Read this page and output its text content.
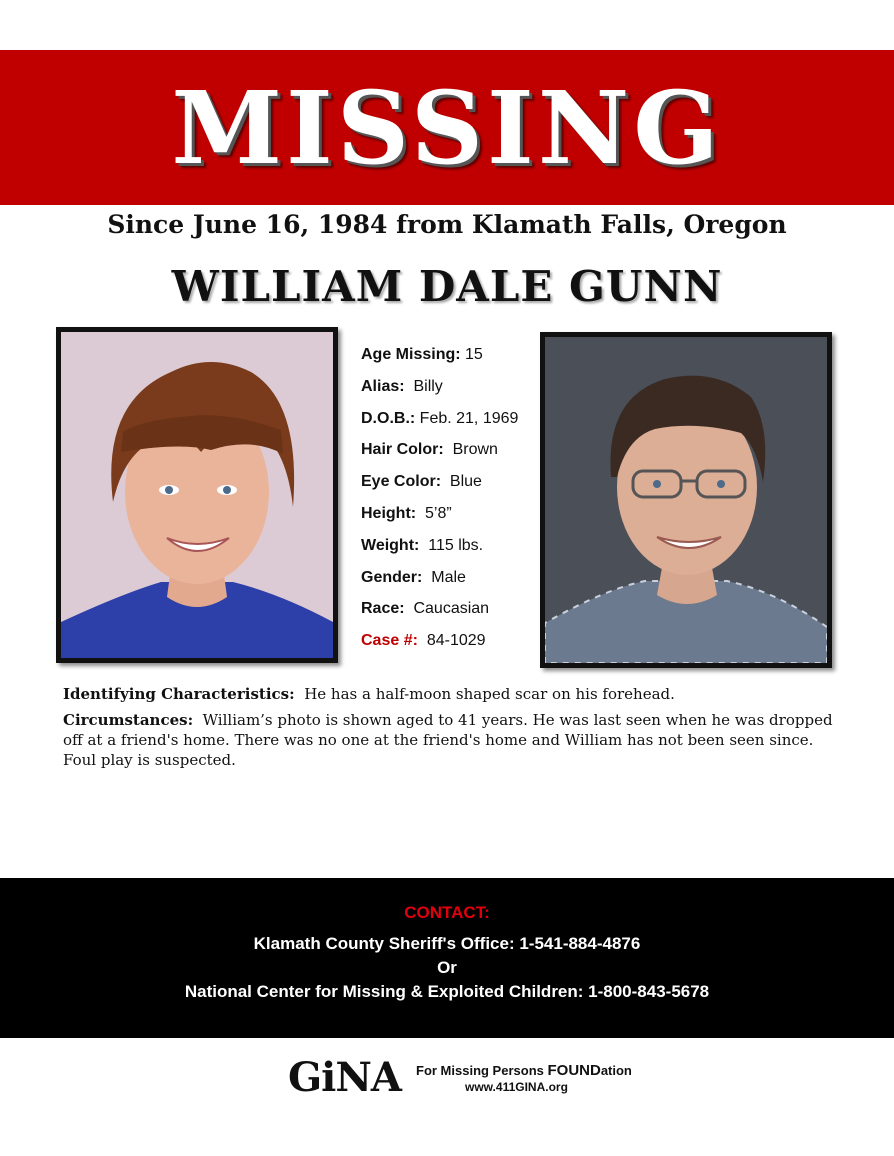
MISSING
Since June 16, 1984 from Klamath Falls, Oregon
WILLIAM DALE GUNN
Age Missing: 15
Alias: Billy
D.O.B.: Feb. 21, 1969
Hair Color: Brown
Eye Color: Blue
Height: 5’8”
Weight: 115 lbs.
Gender: Male
Race: Caucasian
Case #: 84-1029

Identifying Characteristics: He has a half-moon shaped scar on his forehead.

Circumstances: William’s photo is shown aged to 41 years. He was last seen when he was dropped off at a friend's home. There was no one at the friend's home and William has not been seen since. Foul play is suspected.

CONTACT:
Klamath County Sheriff's Office: 1-541-884-4876
Or
National Center for Missing & Exploited Children: 1-800-843-5678
GiNA For Missing Persons FOUNDation
www.411GINA.org
